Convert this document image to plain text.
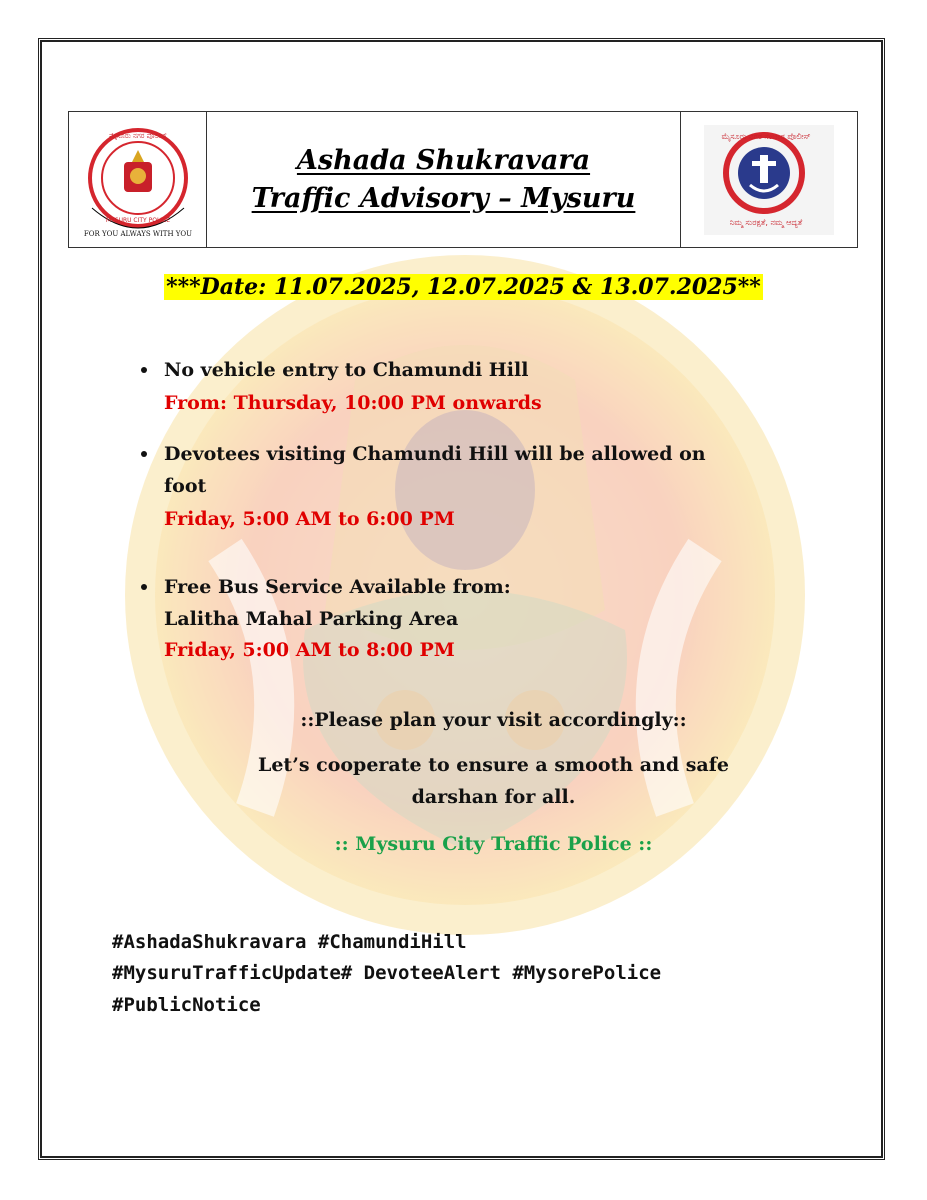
ಮೈಸೂರು ನಗರ ಪೊಲೀಸ್
MYSURU CITY POLICE
FOR YOU ALWAYS WITH YOU
Ashada Shukravara
Traffic Advisory – Mysuru
ಮೈಸೂರು ನಗರ ಸಂಚಾರ ಪೊಲೀಸ್
ನಿಮ್ಮ ಸುರಕ್ಷತೆ, ನಮ್ಮ ಆದ್ಯತೆ
***Date: 11.07.2025, 12.07.2025 & 13.07.2025**
No vehicle entry to Chamundi Hill
From: Thursday, 10:00 PM onwards
Devotees visiting Chamundi Hill will be allowed on
foot
Friday, 5:00 AM to 6:00 PM
Free Bus Service Available from:
Lalitha Mahal Parking Area
Friday, 5:00 AM to 8:00 PM
::Please plan your visit accordingly::
Let’s cooperate to ensure a smooth and safe
darshan for all.
:: Mysuru City Traffic Police ::
#AshadaShukravara #ChamundiHill
#MysuruTrafficUpdate# DevoteeAlert #MysorePolice
#PublicNotice
